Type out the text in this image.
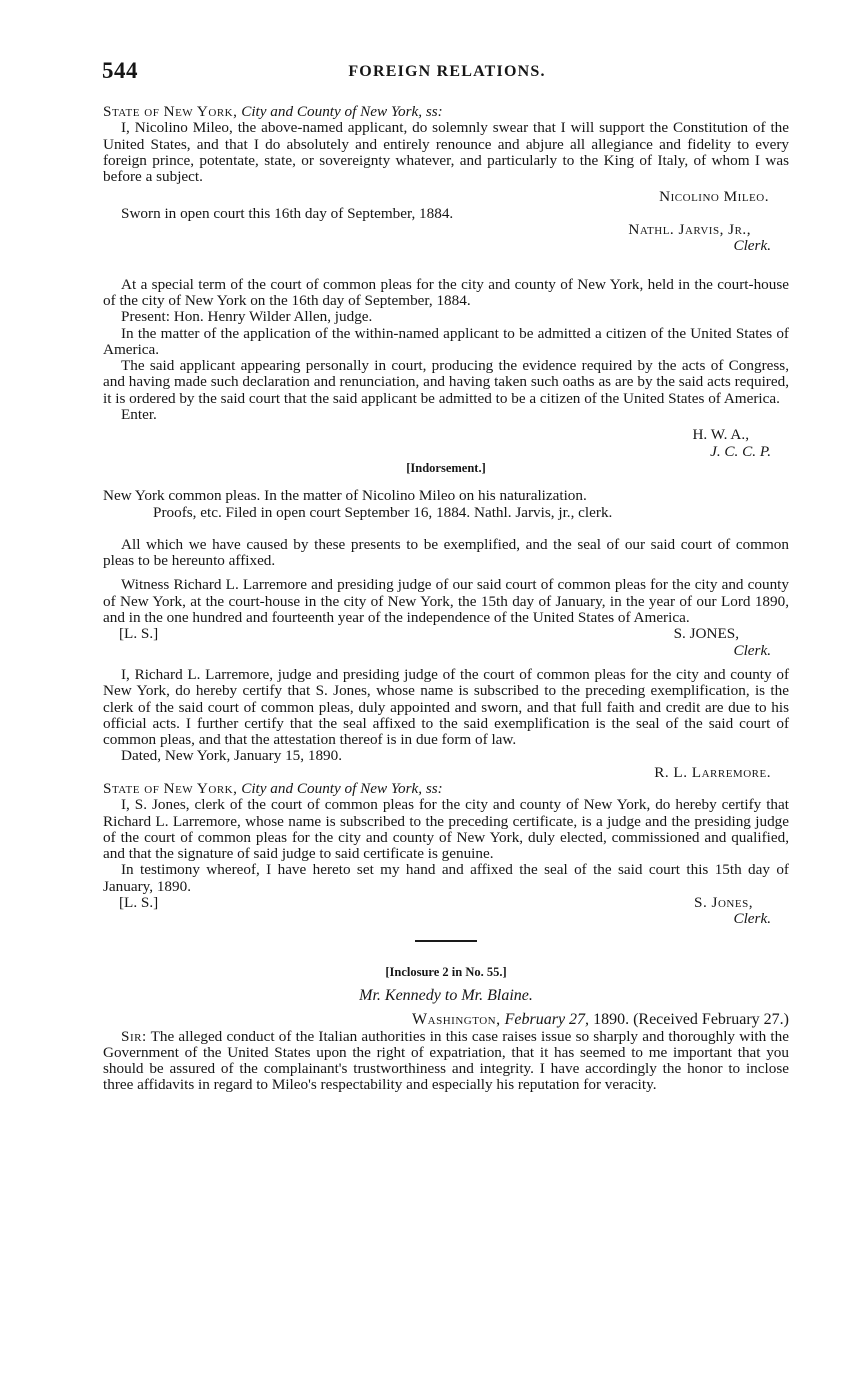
544	FOREIGN RELATIONS.

State of New York, City and County of New York, ss:

I, Nicolino Mileo, the above-named applicant, do solemnly swear that I will support the Constitution of the United States, and that I do absolutely and entirely renounce and abjure all allegiance and fidelity to every foreign prince, potentate, state, or sovereignty whatever, and particularly to the King of Italy, of whom I was before a subject.

Nicolino Mileo.

Sworn in open court this 16th day of September, 1884.

Nathl. Jarvis, Jr.,

Clerk.

At a special term of the court of common pleas for the city and county of New York, held in the court-house of the city of New York on the 16th day of September, 1884.

Present: Hon. Henry Wilder Allen, judge.

In the matter of the application of the within-named applicant to be admitted a citizen of the United States of America.

The said applicant appearing personally in court, producing the evidence required by the acts of Congress, and having made such declaration and renunciation, and having taken such oaths as are by the said acts required, it is ordered by the said court that the said applicant be admitted to be a citizen of the United States of America.

Enter.

H. W. A.,

J. C. C. P.

[Indorsement.]

New York common pleas. In the matter of Nicolino Mileo on his naturalization.

Proofs, etc. Filed in open court September 16, 1884. Nathl. Jarvis, jr., clerk.

All which we have caused by these presents to be exemplified, and the seal of our said court of common pleas to be hereunto affixed.

Witness Richard L. Larremore and presiding judge of our said court of common pleas for the city and county of New York, at the court-house in the city of New York, the 15th day of January, in the year of our Lord 1890, and in the one hundred and fourteenth year of the independence of the United States of America.

[L. S.]	S. JONES,

Clerk.

I, Richard L. Larremore, judge and presiding judge of the court of common pleas for the city and county of New York, do hereby certify that S. Jones, whose name is subscribed to the preceding exemplification, is the clerk of the said court of common pleas, duly appointed and sworn, and that full faith and credit are due to his official acts. I further certify that the seal affixed to the said exemplification is the seal of the said court of common pleas, and that the attestation thereof is in due form of law.

Dated, New York, January 15, 1890.

R. L. Larremore.

State of New York, City and County of New York, ss:

I, S. Jones, clerk of the court of common pleas for the city and county of New York, do hereby certify that Richard L. Larremore, whose name is subscribed to the preceding certificate, is a judge and the presiding judge of the court of common pleas for the city and county of New York, duly elected, commissioned and qualified, and that the signature of said judge to said certificate is genuine.

In testimony whereof, I have hereto set my hand and affixed the seal of the said court this 15th day of January, 1890.

[L. S.]	S. Jones,

Clerk.

[Inclosure 2 in No. 55.]

Mr. Kennedy to Mr. Blaine.

Washington, February 27, 1890. (Received February 27.)

Sir: The alleged conduct of the Italian authorities in this case raises issue so sharply and thoroughly with the Government of the United States upon the right of expatriation, that it has seemed to me important that you should be assured of the complainant's trustworthiness and integrity. I have accordingly the honor to inclose three affidavits in regard to Mileo's respectability and especially his reputation for veracity.
